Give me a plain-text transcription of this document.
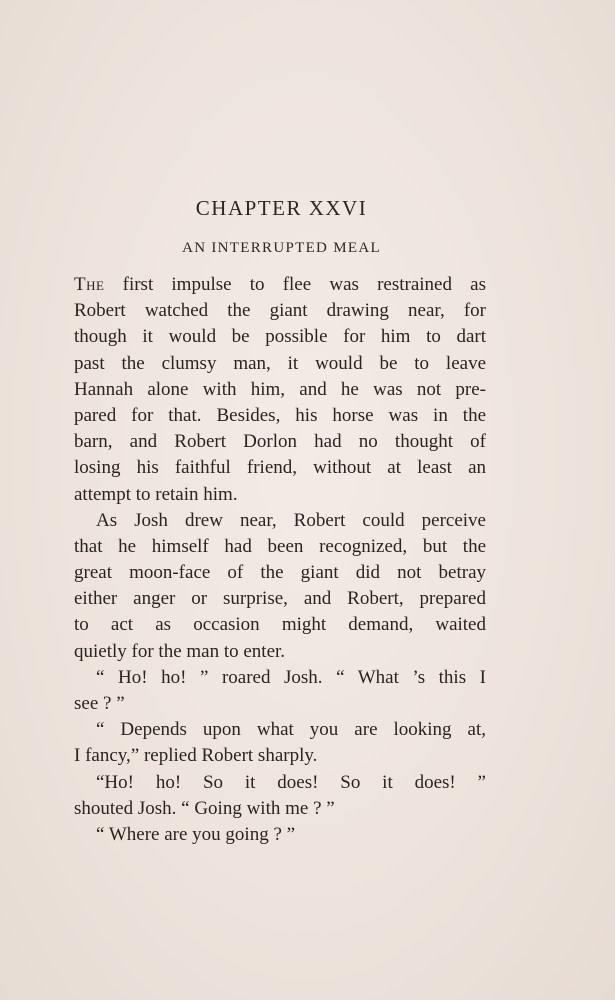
CHAPTER XXVI
AN INTERRUPTED MEAL
The first impulse to flee was restrained as
Robert watched the giant drawing near, for
though it would be possible for him to dart
past the clumsy man, it would be to leave
Hannah alone with him, and he was not pre-
pared for that. Besides, his horse was in the
barn, and Robert Dorlon had no thought of
losing his faithful friend, without at least an
attempt to retain him.
As Josh drew near, Robert could perceive
that he himself had been recognized, but the
great moon-face of the giant did not betray
either anger or surprise, and Robert, prepared
to act as occasion might demand, waited
quietly for the man to enter.
“ Ho! ho! ” roared Josh. “ What ’s this I
see ? ”
“ Depends upon what you are looking at,
I fancy,” replied Robert sharply.
“Ho! ho! So it does! So it does! ”
shouted Josh. “ Going with me ? ”
“ Where are you going ? ”
